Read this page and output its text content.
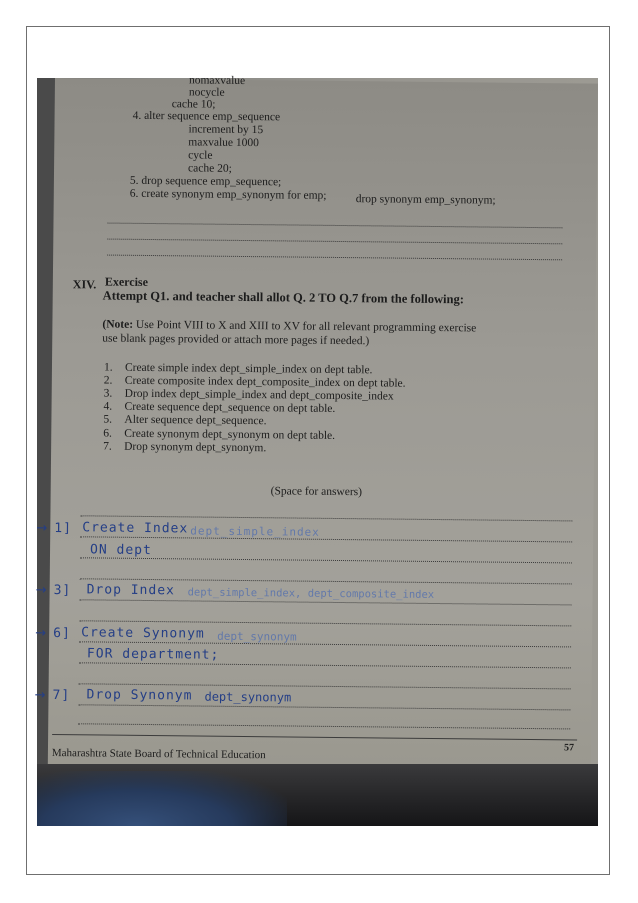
nomaxvalue
nocycle
cache 10;
4. alter sequence emp_sequence
increment by 15
maxvalue 1000
cycle
cache 20;
5. drop sequence emp_sequence;
6. create synonym emp_synonym for emp;	drop synonym emp_synonym;
XIV. Exercise
Attempt Q1. and teacher shall allot Q. 2 TO Q.7 from the following:
(Note: Use Point VIII to X and XIII to XV for all relevant programming exercise
use blank pages provided or attach more pages if needed.)
1. Create simple index dept_simple_index on dept table.
2. Create composite index dept_composite_index on dept table.
3. Drop index dept_simple_index and dept_composite_index
4. Create sequence dept_sequence on dept table.
5. Alter sequence dept_sequence.
6. Create synonym dept_synonym on dept table.
7. Drop synonym dept_synonym.
(Space for answers)
→ 1] Create Index dept_simple_index
ON dept
→ 3] Drop Index dept_simple_index, dept_composite_index
→ 6] Create Synonym dept_synonym
FOR department;
→ 7] Drop Synonym dept_synonym
57
Maharashtra State Board of Technical Education
